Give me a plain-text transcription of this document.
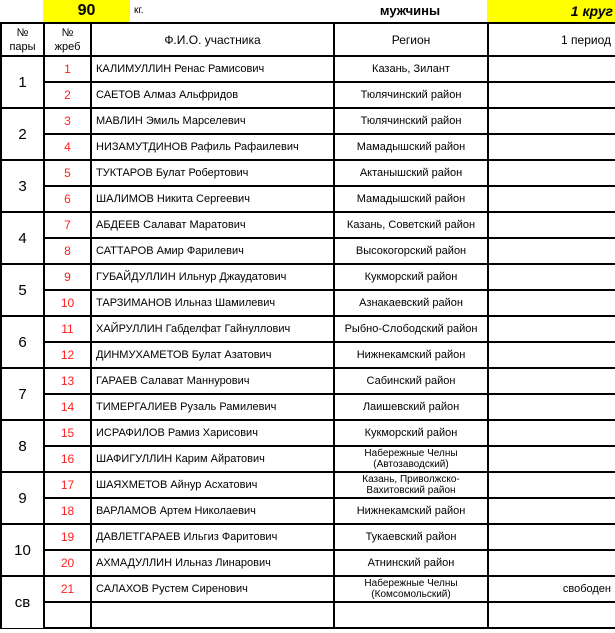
90	кг.	мужчины	1 круг
№
пары	№
жреб	Ф.И.О. участника	Регион	1 период
1	1	КАЛИМУЛЛИН Ренас Рамисович	Казань, Зилант	
	2	САЕТОВ Алмаз Альфридов	Тюлячинский район	
2	3	МАВЛИН Эмиль Марселевич	Тюлячинский район	
	4	НИЗАМУТДИНОВ Рафиль Рафаилевич	Мамадышский район	
3	5	ТУКТАРОВ Булат Робертович	Актанышский район	
	6	ШАЛИМОВ Никита Сергеевич	Мамадышский район	
4	7	АБДЕЕВ Салават Маратович	Казань, Советский район	
	8	САТТАРОВ Амир Фарилевич	Высокогорский район	
5	9	ГУБАЙДУЛЛИН Ильнур Джаудатович	Кукморский район	
	10	ТАРЗИМАНОВ Ильназ Шамилевич	Азнакаевский район	
6	11	ХАЙРУЛЛИН Габделфат Гайнуллович	Рыбно-Слободский район	
	12	ДИНМУХАМЕТОВ Булат Азатович	Нижнекамский район	
7	13	ГАРАЕВ Салават Маннурович	Сабинский район	
	14	ТИМЕРГАЛИЕВ Рузаль Рамилевич	Лаишевский район	
8	15	ИСРАФИЛОВ Рамиз Харисович	Кукморский район	
	16	ШАФИГУЛЛИН Карим Айратович	Набережные Челны (Автозаводский)	
9	17	ШАЯХМЕТОВ Айнур Асхатович	Казань, Приволжско-Вахитовский район	
	18	ВАРЛАМОВ Артем Николаевич	Нижнекамский район	
10	19	ДАВЛЕТГАРАЕВ Ильгиз Фаритович	Тукаевский район	
	20	АХМАДУЛЛИН Ильназ Линарович	Атнинский район	
св	21	САЛАХОВ Рустем Сиренович	Набережные Челны (Комсомольский)	свободен
